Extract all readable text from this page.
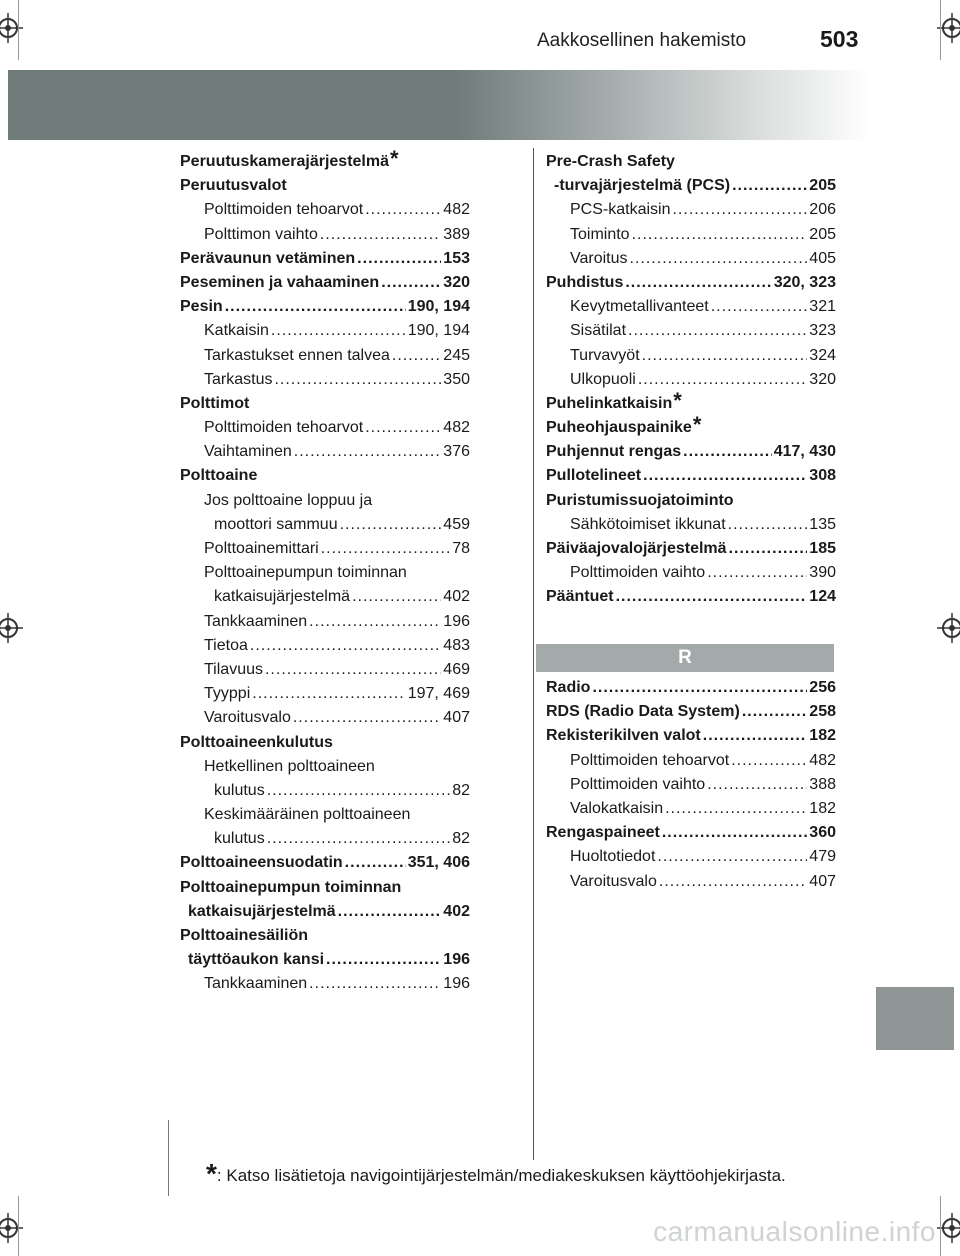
Aakkosellinen hakemisto	503
Peruutuskamerajärjestelmä *
Peruutusvalot
Polttimoiden tehoarvot .....	482
Polttimon vaihto .....	389
Perävaunun vetäminen .....	153
Peseminen ja vahaaminen .....	320
Pesin .....	190, 194
Katkaisin .....	190, 194
Tarkastukset ennen talvea .....	245
Tarkastus .....	350
Polttimot
Polttimoiden tehoarvot .....	482
Vaihtaminen .....	376
Polttoaine
Jos polttoaine loppuu ja
moottori sammuu .....	459
Polttoainemittari .....	78
Polttoainepumpun toiminnan
katkaisujärjestelmä .....	402
Tankkaaminen .....	196
Tietoa .....	483
Tilavuus .....	469
Tyyppi .....	197, 469
Varoitusvalo .....	407
Polttoaineenkulutus
Hetkellinen polttoaineen
kulutus .....	82
Keskimääräinen polttoaineen
kulutus .....	82
Polttoaineensuodatin .....	351, 406
Polttoainepumpun toiminnan
katkaisujärjestelmä .....	402
Polttoainesäiliön
täyttöaukon kansi .....	196
Tankkaaminen .....	196
Pre-Crash Safety
-turvajärjestelmä (PCS) .....	205
PCS-katkaisin .....	206
Toiminto .....	205
Varoitus .....	405
Puhdistus .....	320, 323
Kevytmetallivanteet .....	321
Sisätilat .....	323
Turvavyöt .....	324
Ulkopuoli .....	320
Puhelinkatkaisin *
Puheohjauspainike *
Puhjennut rengas .....	417, 430
Pullotelineet .....	308
Puristumissuojatoiminto
Sähkötoimiset ikkunat .....	135
Päiväajovalojärjestelmä .....	185
Polttimoiden vaihto .....	390
Pääntuet .....	124
R
Radio .....	256
RDS (Radio Data System) .....	258
Rekisterikilven valot .....	182
Polttimoiden tehoarvot .....	482
Polttimoiden vaihto .....	388
Valokatkaisin .....	182
Rengaspaineet .....	360
Huoltotiedot .....	479
Varoitusvalo .....	407
*: Katso lisätietoja navigointijärjestelmän/mediakeskuksen käyttöohjekirjasta.
carmanualsonline.info
